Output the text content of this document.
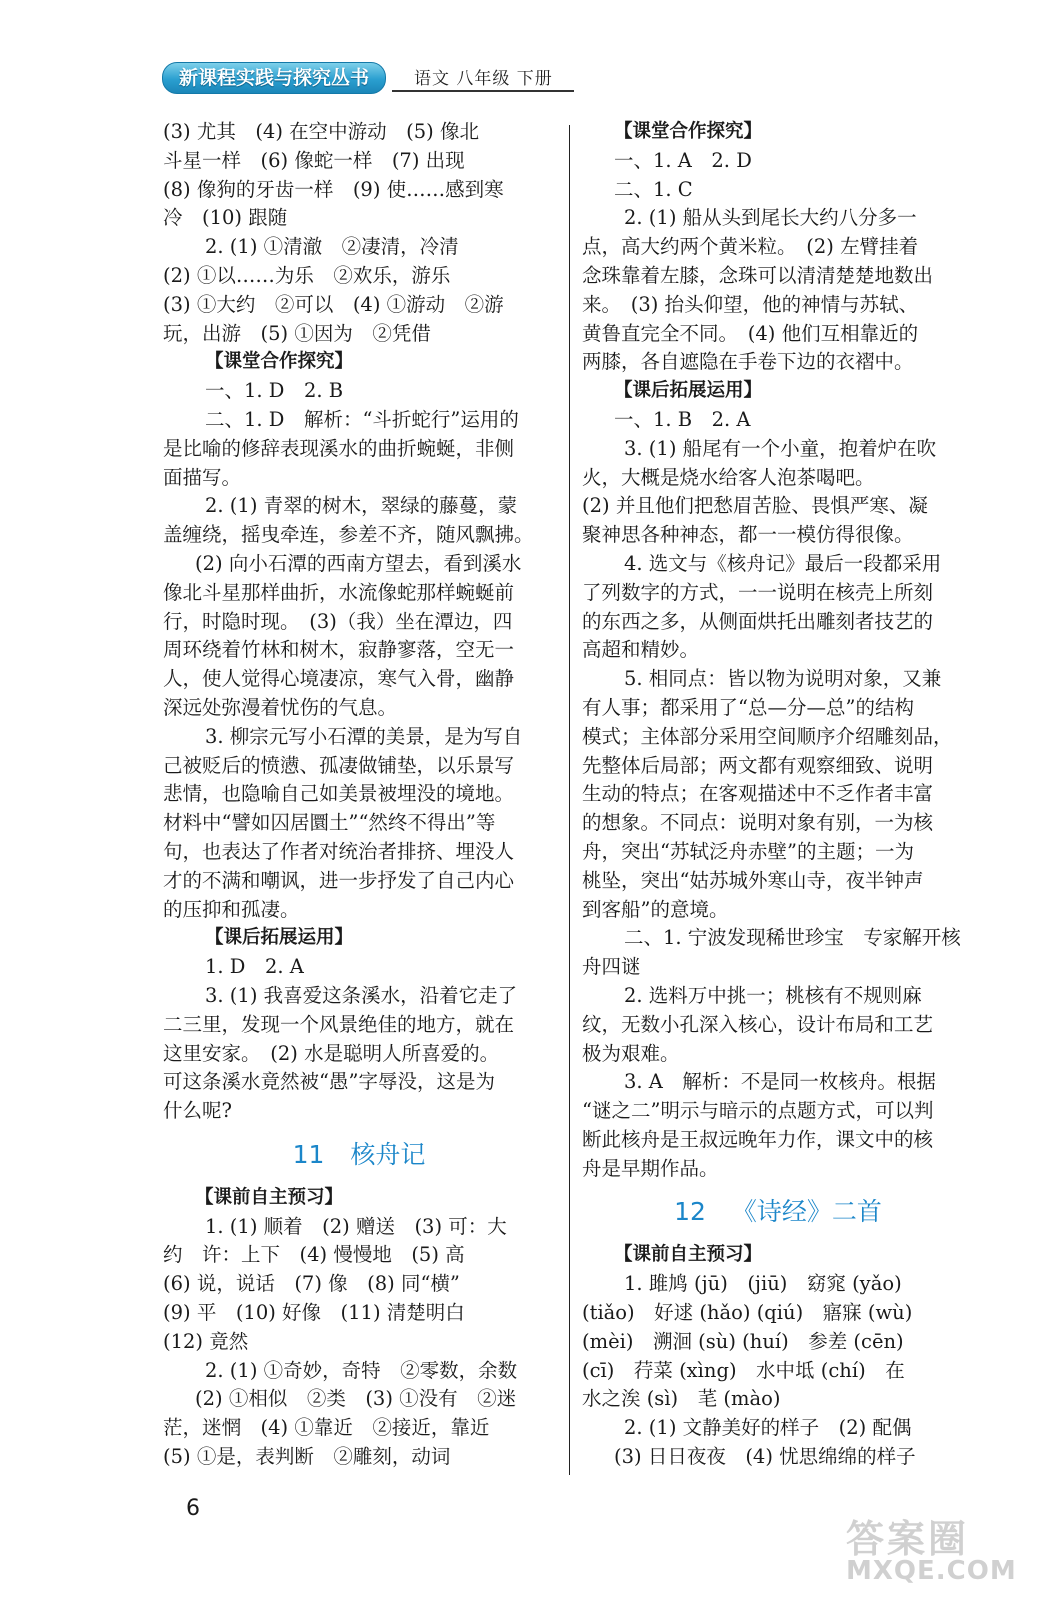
新课程实践与探究丛书	语文 八年级 下册
(3) 尤其　(4) 在空中游动　(5) 像北
斗星一样　(6) 像蛇一样　(7) 出现
(8) 像狗的牙齿一样　(9) 使……感到寒
冷　(10) 跟随
2. (1) ①清澈　②凄清，冷清
(2) ①以……为乐　②欢乐，游乐
(3) ①大约　②可以　(4) ①游动　②游
玩，出游　(5) ①因为　②凭借
【课堂合作探究】
一、1. D　2. B
二、1. D　解析：“斗折蛇行”运用的
是比喻的修辞表现溪水的曲折蜿蜒，非侧
面描写。
2. (1) 青翠的树木，翠绿的藤蔓，蒙
盖缠绕，摇曳牵连，参差不齐，随风飘拂。
(2) 向小石潭的西南方望去，看到溪水
像北斗星那样曲折，水流像蛇那样蜿蜒前
行，时隐时现。　(3)（我）坐在潭边，四
周环绕着竹林和树木，寂静寥落，空无一
人，使人觉得心境凄凉，寒气入骨，幽静
深远处弥漫着忧伤的气息。
3. 柳宗元写小石潭的美景，是为写自
己被贬后的愤懑、孤凄做铺垫，以乐景写
悲情，也隐喻自己如美景被埋没的境地。
材料中“譬如囚居圜土”“然终不得出”等
句，也表达了作者对统治者排挤、埋没人
才的不满和嘲讽，进一步抒发了自己内心
的压抑和孤凄。
【课后拓展运用】
1. D　2. A
3. (1) 我喜爱这条溪水，沿着它走了
二三里，发现一个风景绝佳的地方，就在
这里安家。　(2) 水是聪明人所喜爱的。
可这条溪水竟然被“愚”字辱没，这是为
什么呢?
11 核舟记
【课前自主预习】
1. (1) 顺着　(2) 赠送　(3) 可：大
约　许：上下　(4) 慢慢地　(5) 高
(6) 说，说话　(7) 像　(8) 同“横”
(9) 平　(10) 好像　(11) 清楚明白
(12) 竟然
2. (1) ①奇妙，奇特　②零数，余数
(2) ①相似　②类　(3) ①没有　②迷
茫，迷惘　(4) ①靠近　②接近，靠近
(5) ①是，表判断　②雕刻，动词
【课堂合作探究】
一、1. A　2. D
二、1. C
2. (1) 船从头到尾长大约八分多一
点，高大约两个黄米粒。　(2) 左臂挂着
念珠靠着左膝，念珠可以清清楚楚地数出
来。　(3) 抬头仰望，他的神情与苏轼、
黄鲁直完全不同。　(4) 他们互相靠近的
两膝，各自遮隐在手卷下边的衣褶中。
【课后拓展运用】
一、1. B　2. A
3. (1) 船尾有一个小童，抱着炉在吹
火，大概是烧水给客人泡茶喝吧。
(2) 并且他们把愁眉苦脸、畏惧严寒、凝
聚神思各种神态，都一一模仿得很像。
4. 选文与《核舟记》最后一段都采用
了列数字的方式，一一说明在核壳上所刻
的东西之多，从侧面烘托出雕刻者技艺的
高超和精妙。
5. 相同点：皆以物为说明对象，又兼
有人事；都采用了“总—分—总”的结构
模式；主体部分采用空间顺序介绍雕刻品，
先整体后局部；两文都有观察细致、说明
生动的特点；在客观描述中不乏作者丰富
的想象。不同点：说明对象有别，一为核
舟，突出“苏轼泛舟赤壁”的主题；一为
桃坠，突出“姑苏城外寒山寺，夜半钟声
到客船”的意境。
二、1. 宁波发现稀世珍宝　专家解开核
舟四谜
2. 选料万中挑一；桃核有不规则麻
纹，无数小孔深入核心，设计布局和工艺
极为艰难。
3. A　解析：不是同一枚核舟。根据
“谜之二”明示与暗示的点题方式，可以判
断此核舟是王叔远晚年力作，课文中的核
舟是早期作品。
12 《诗经》二首
【课前自主预习】
1. 雎鸠 (jū)　(jiū)　窈窕 (yǎo)
(tiǎo)　好逑 (hǎo) (qiú)　寤寐 (wù)
(mèi)　溯洄 (sù) (huí)　参差 (cēn)
(cī)　荇菜 (xìng)　水中坻 (chí)　在
水之涘 (sì)　芼 (mào)
2. (1) 文静美好的样子　(2) 配偶
(3) 日日夜夜　(4) 忧思绵绵的样子
6
答案圈
MXQE.COM
